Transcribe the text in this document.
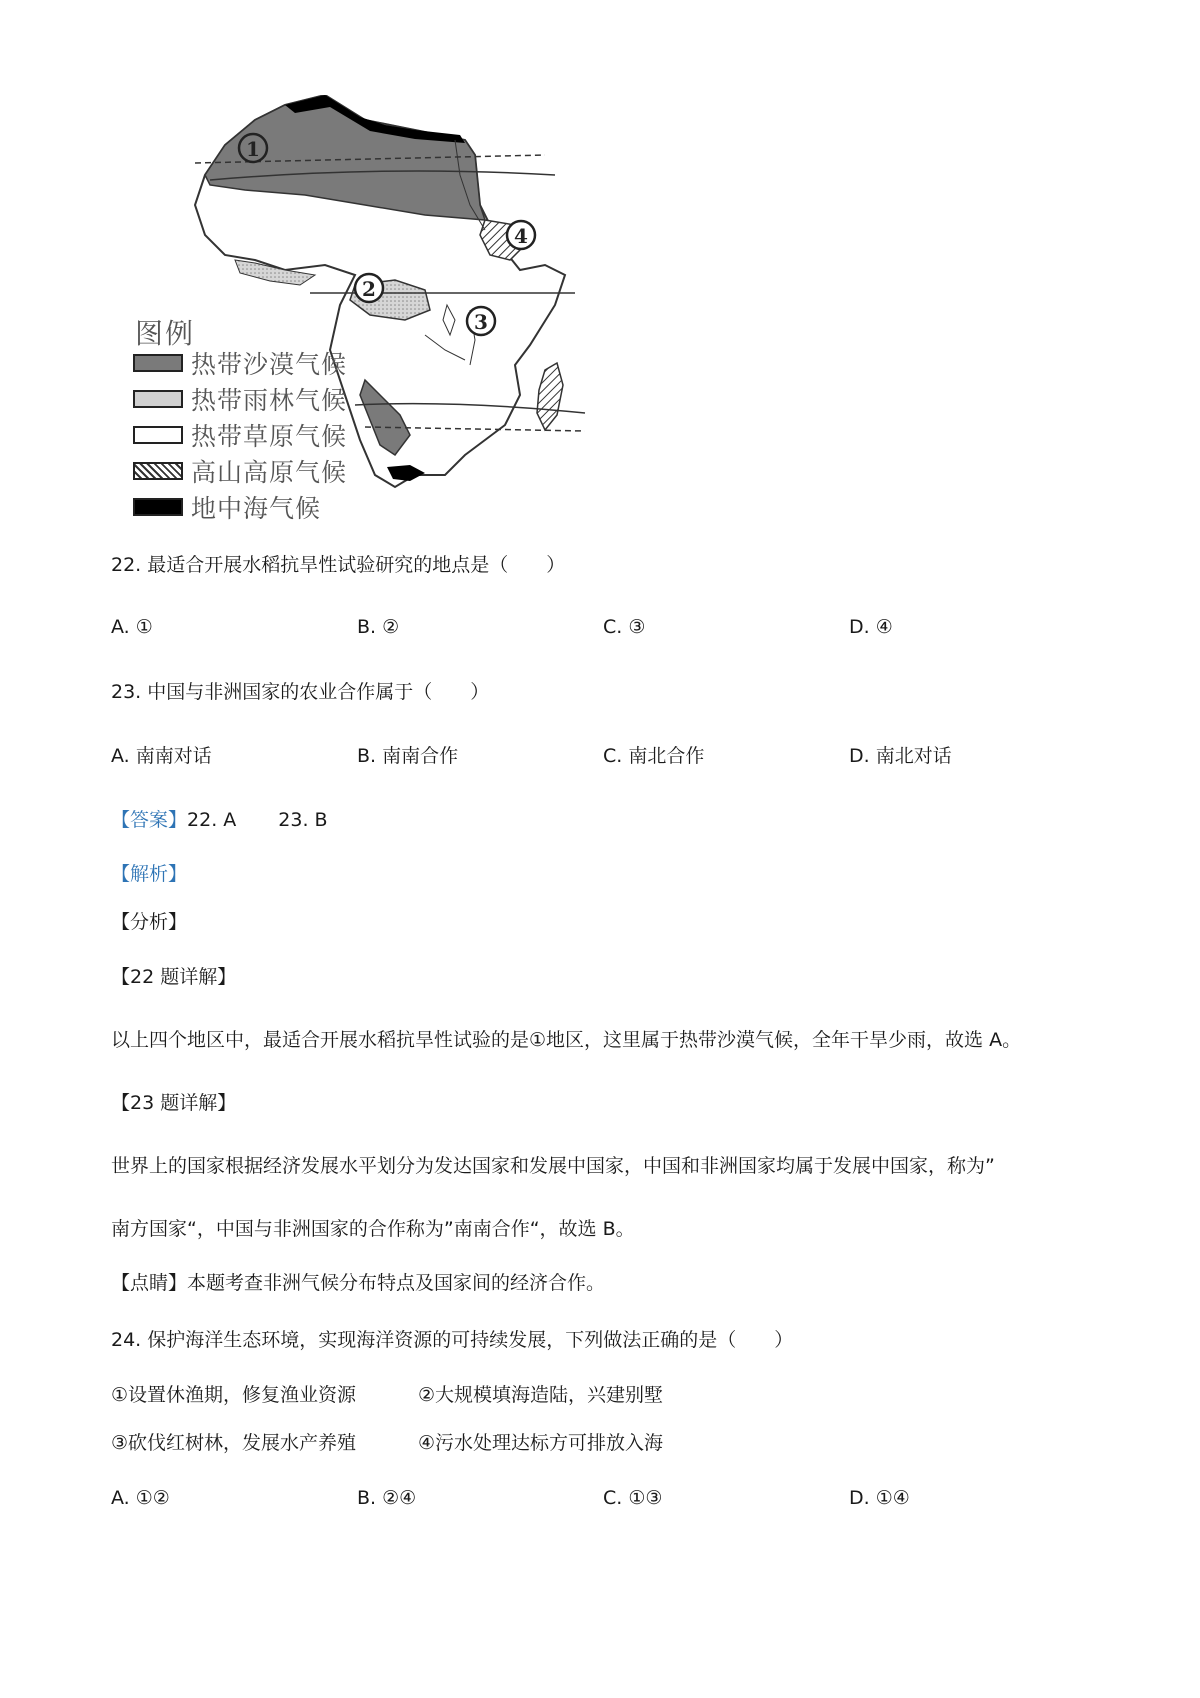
1
2
3
4
图例
热带沙漠气候
热带雨林气候
热带草原气候
高山高原气候
地中海气候
22. 最适合开展水稻抗旱性试验研究的地点是（　　）
A. ①	B. ②	C. ③	D. ④
23. 中国与非洲国家的农业合作属于（　　）
A. 南南对话	B. 南南合作	C. 南北合作	D. 南北对话
【答案】22. A 23. B
【解析】
【分析】
【22 题详解】
以上四个地区中，最适合开展水稻抗旱性试验的是①地区，这里属于热带沙漠气候，全年干旱少雨，故选 A。
【23 题详解】
世界上的国家根据经济发展水平划分为发达国家和发展中国家，中国和非洲国家均属于发展中国家，称为”
南方国家“，中国与非洲国家的合作称为”南南合作“，故选 B。
【点睛】本题考查非洲气候分布特点及国家间的经济合作。
24. 保护海洋生态环境，实现海洋资源的可持续发展，下列做法正确的是（　　）
①设置休渔期，修复渔业资源	②大规模填海造陆，兴建别墅
③砍伐红树林，发展水产养殖	④污水处理达标方可排放入海
A. ①②	B. ②④	C. ①③	D. ①④
